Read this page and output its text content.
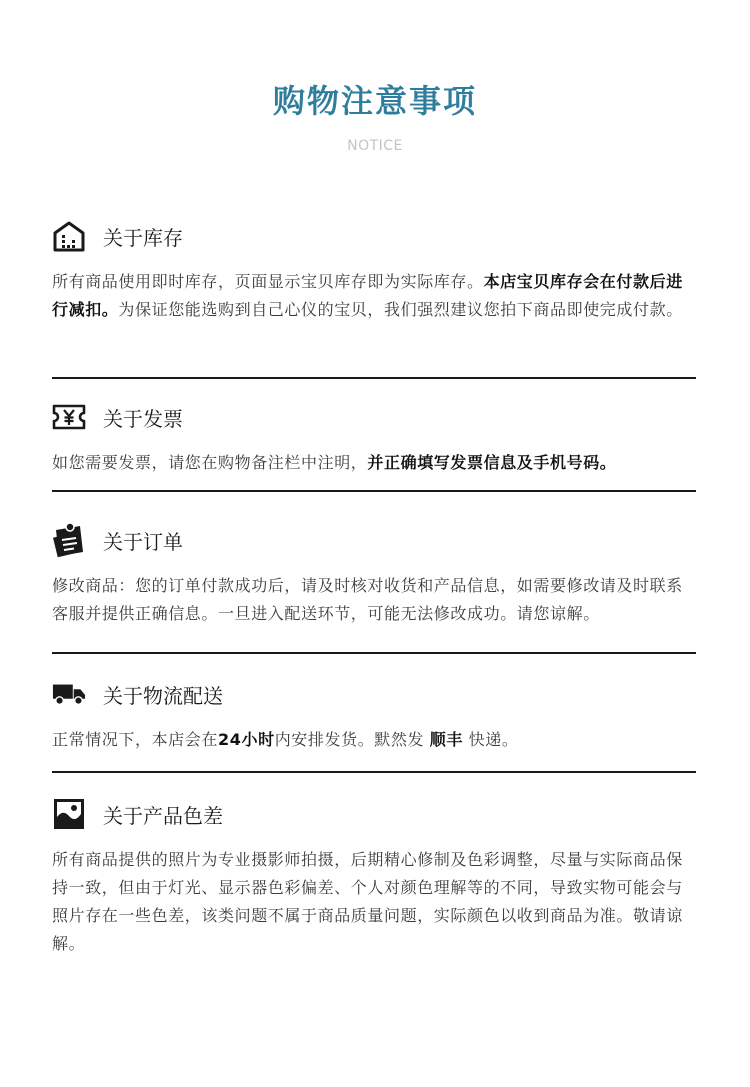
购物注意事项
NOTICE
关于库存
所有商品使用即时库存，页面显示宝贝库存即为实际库存。本店宝贝库存会在付款后进行减扣。为保证您能选购到自己心仪的宝贝，我们强烈建议您拍下商品即使完成付款。
关于发票
如您需要发票，请您在购物备注栏中注明，并正确填写发票信息及手机号码。
关于订单
修改商品：您的订单付款成功后，请及时核对收货和产品信息，如需要修改请及时联系客服并提供正确信息。一旦进入配送环节，可能无法修改成功。请您谅解。
关于物流配送
正常情况下，本店会在24小时内安排发货。默然发 顺丰 快递。
关于产品色差
所有商品提供的照片为专业摄影师拍摄，后期精心修制及色彩调整，尽量与实际商品保持一致，但由于灯光、显示器色彩偏差、个人对颜色理解等的不同，导致实物可能会与照片存在一些色差，该类问题不属于商品质量问题，实际颜色以收到商品为准。敬请谅解。
